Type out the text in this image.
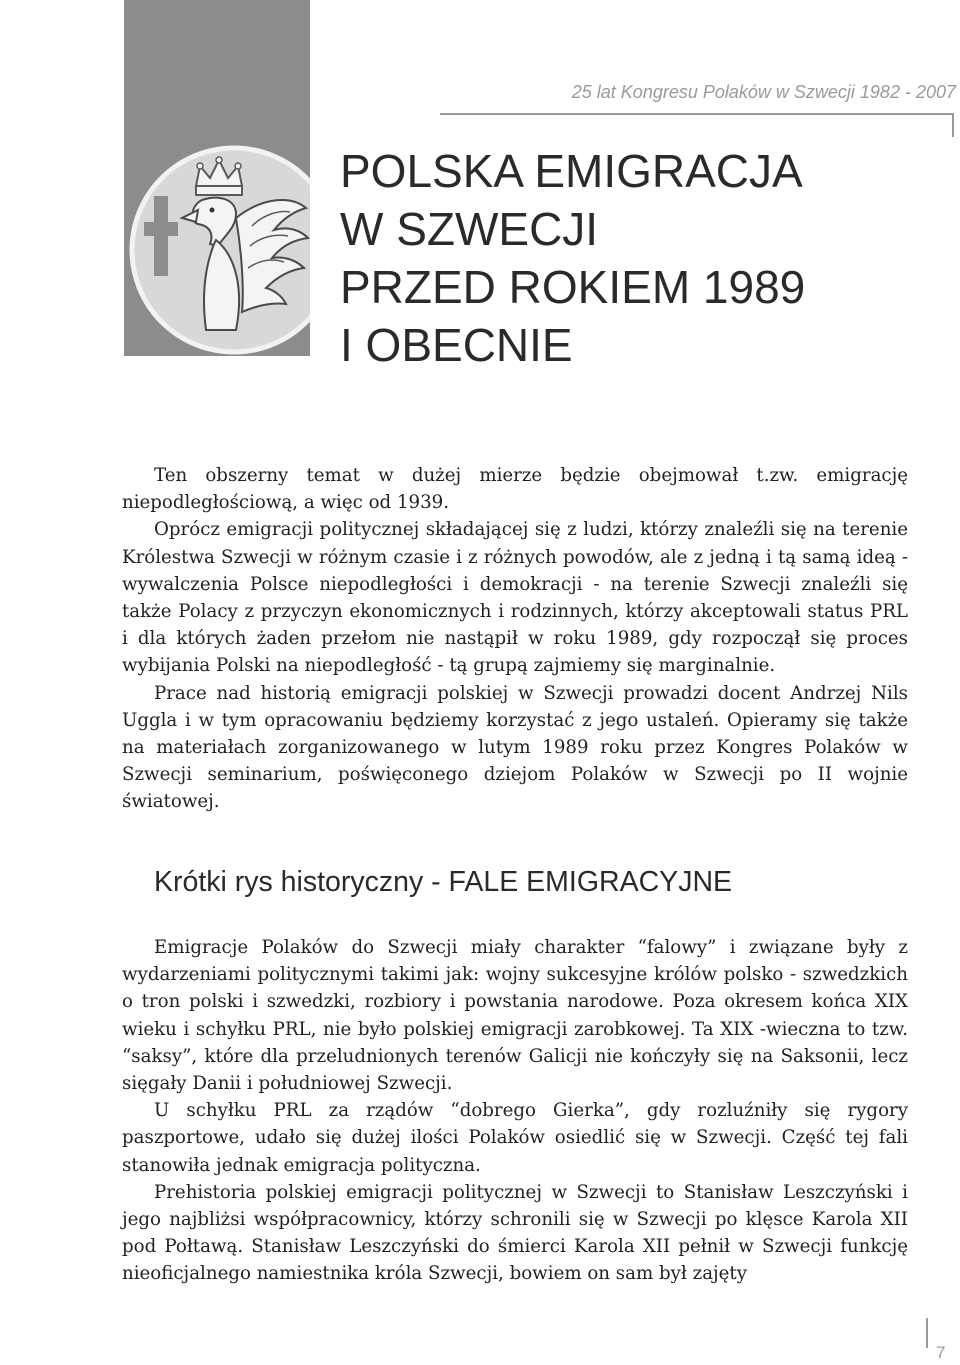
25 lat Kongresu Polaków w Szwecji 1982 - 2007
POLSKA EMIGRACJA
W SZWECJI
PRZED ROKIEM 1989
I OBECNIE

Ten obszerny temat w dużej mierze będzie obejmował t.zw. emigrację niepodległościową, a więc od 1939.

Oprócz emigracji politycznej składającej się z ludzi, którzy znaleźli się na terenie Królestwa Szwecji w różnym czasie i z różnych powodów, ale z jedną i tą samą ideą - wywalczenia Polsce niepodległości i demokracji - na terenie Szwecji znaleźli się także Polacy z przyczyn ekonomicznych i rodzinnych, którzy akceptowali status PRL i dla których żaden przełom nie nastąpił w roku 1989, gdy rozpoczął się proces wybijania Polski na niepodległość - tą grupą zajmiemy się marginalnie.

Prace nad historią emigracji polskiej w Szwecji prowadzi docent Andrzej Nils Uggla i w tym opracowaniu będziemy korzystać z jego ustaleń. Opieramy się także na materiałach zorganizowanego w lutym 1989 roku przez Kongres Polaków w Szwecji seminarium, poświęconego dziejom Polaków w Szwecji po II wojnie światowej.

Krótki rys historyczny - FALE EMIGRACYJNE

Emigracje Polaków do Szwecji miały charakter “falowy” i związane były z wydarzeniami politycznymi takimi jak: wojny sukcesyjne królów polsko - szwedzkich o tron polski i szwedzki, rozbiory i powstania narodowe. Poza okresem końca XIX wieku i schyłku PRL, nie było polskiej emigracji zarobkowej. Ta XIX -wieczna to tzw. “saksy”, które dla przeludnionych terenów Galicji nie kończyły się na Saksonii, lecz sięgały Danii i południowej Szwecji.

U schyłku PRL za rządów “dobrego Gierka”, gdy rozluźniły się rygory paszportowe, udało się dużej ilości Polaków osiedlić się w Szwecji. Część tej fali stanowiła jednak emigracja polityczna.

Prehistoria polskiej emigracji politycznej w Szwecji to Stanisław Leszczyński i jego najbliżsi współpracownicy, którzy schronili się w Szwecji po klęsce Karola XII pod Połtawą. Stanisław Leszczyński do śmierci Karola XII pełnił w Szwecji funkcję nieoficjalnego namiestnika króla Szwecji, bowiem on sam był zajęty

7
